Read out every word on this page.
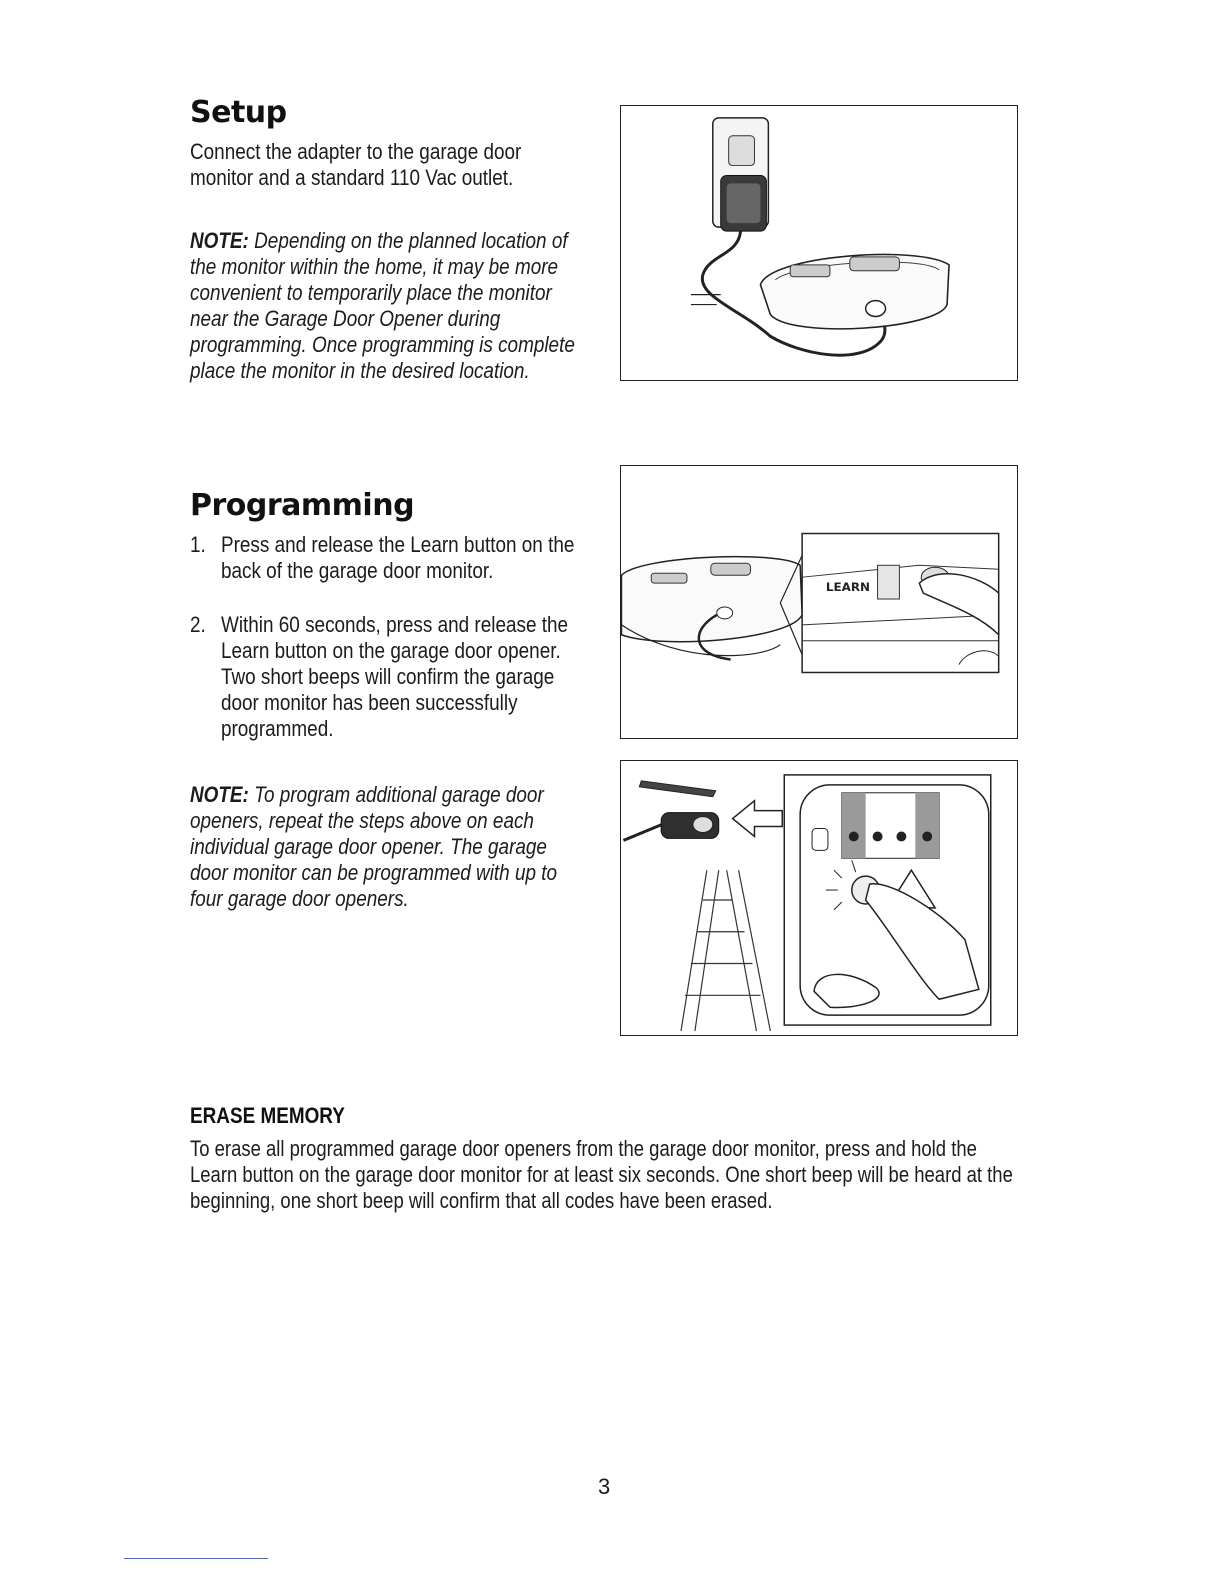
Setup
Connect the adapter to the garage door monitor and a standard 110 Vac outlet.
NOTE: Depending on the planned location of the monitor within the home, it may be more convenient to temporarily place the monitor near the Garage Door Opener during programming. Once programming is complete place the monitor in the desired location.
Programming
1. Press and release the Learn button on the back of the garage door monitor.
2. Within 60 seconds, press and release the Learn button on the garage door opener. Two short beeps will confirm the garage door monitor has been successfully programmed.
NOTE: To program additional garage door openers, repeat the steps above on each individual garage door opener. The garage door monitor can be programmed with up to four garage door openers.
LEARN
ERASE MEMORY
To erase all programmed garage door openers from the garage door monitor, press and hold the Learn button on the garage door monitor for at least six seconds. One short beep will be heard at the beginning, one short beep will confirm that all codes have been erased.
3
